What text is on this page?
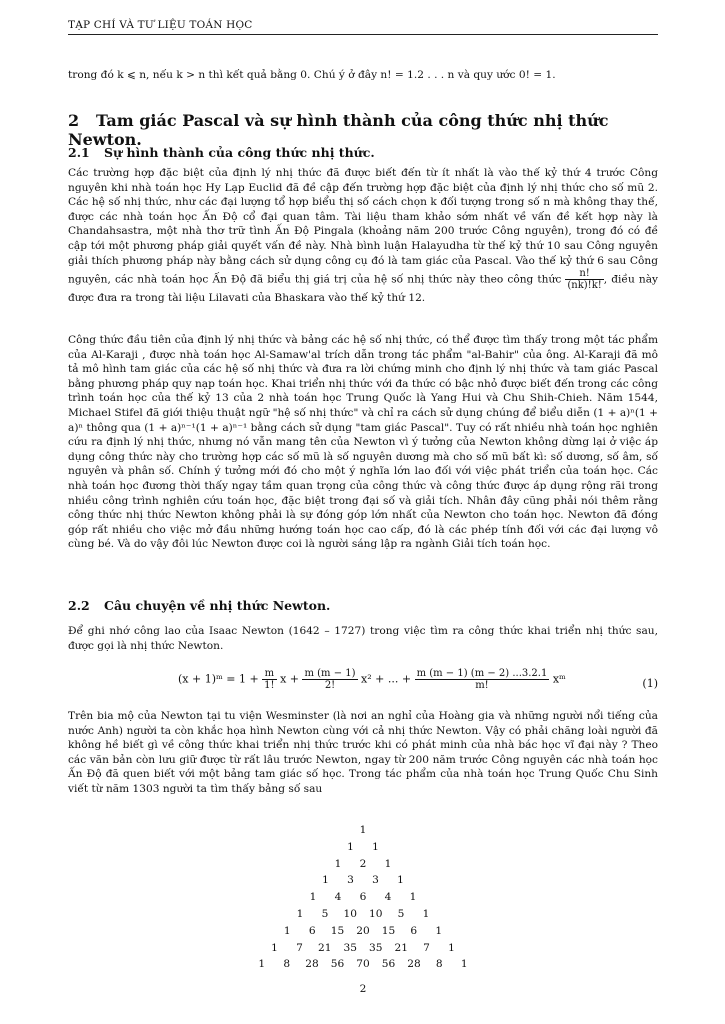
TẠP CHÍ VÀ TƯ LIỆU TOÁN HỌC
trong đó k ⩽ n, nếu k > n thì kết quả bằng 0. Chú ý ở đây n! = 1.2 . . . n và quy ước 0! = 1.
2 Tam giác Pascal và sự hình thành của công thức nhị thức Newton.
2.1 Sự hình thành của công thức nhị thức.
Các trường hợp đặc biệt của định lý nhị thức đã được biết đến từ ít nhất là vào thế kỷ thứ 4 trước Công nguyên khi nhà toán học Hy Lạp Euclid đã đề cập đến trường hợp đặc biệt của định lý nhị thức cho số mũ 2. Các hệ số nhị thức, như các đại lượng tổ hợp biểu thị số cách chọn k đối tượng trong số n mà không thay thế, được các nhà toán học Ấn Độ cổ đại quan tâm. Tài liệu tham khảo sớm nhất về vấn đề kết hợp này là Chandahsastra, một nhà thơ trữ tình Ấn Độ Pingala (khoảng năm 200 trước Công nguyên), trong đó có đề cập tới một phương pháp giải quyết vấn đề này. Nhà bình luận Halayudha từ thế kỷ thứ 10 sau Công nguyên giải thích phương pháp này bằng cách sử dụng công cụ đó là tam giác của Pascal. Vào thế kỷ thứ 6 sau Công nguyên, các nhà toán học Ấn Độ đã biểu thị giá trị của hệ số nhị thức này theo công thức $\frac{n!}{(nk)!k!}$ , điều này được đưa ra trong tài liệu Lilavati của Bhaskara vào thế kỷ thứ 12.
Công thức đầu tiên của định lý nhị thức và bảng các hệ số nhị thức, có thể được tìm thấy trong một tác phẩm của Al-Karaji , được nhà toán học Al-Samaw'al trích dẫn trong tác phẩm "al-Bahir" của ông. Al-Karaji đã mô tả mô hình tam giác của các hệ số nhị thức và đưa ra lời chứng minh cho định lý nhị thức và tam giác Pascal bằng phương pháp quy nạp toán học. Khai triển nhị thức với đa thức có bậc nhỏ được biết đến trong các công trình toán học của thế kỷ 13 của 2 nhà toán học Trung Quốc là Yang Hui và Chu Shih-Chieh. Năm 1544, Michael Stifel đã giới thiệu thuật ngữ "hệ số nhị thức" và chỉ ra cách sử dụng chúng để biểu diễn (1 + a)ⁿ(1 + a)ⁿ thông qua (1 + a)ⁿ⁻¹(1 + a)ⁿ⁻¹ bằng cách sử dụng "tam giác Pascal". Tuy có rất nhiều nhà toán học nghiên cứu ra định lý nhị thức, nhưng nó vẫn mang tên của Newton vì ý tưởng của Newton không dừng lại ở việc áp dụng công thức này cho trường hợp các số mũ là số nguyên dương mà cho số mũ bất kì: số dương, số âm, số nguyên và phân số. Chính ý tưởng mới đó cho một ý nghĩa lớn lao đối với việc phát triển của toán học. Các nhà toán học đương thời thấy ngay tầm quan trọng của công thức và công thức được áp dụng rộng rãi trong nhiều công trình nghiên cứu toán học, đặc biệt trong đại số và giải tích. Nhân đây cũng phải nói thêm rằng công thức nhị thức Newton không phải là sự đóng góp lớn nhất của Newton cho toán học. Newton đã đóng góp rất nhiều cho việc mở đầu những hướng toán học cao cấp, đó là các phép tính đối với các đại lượng vô cùng bé. Và do vậy đôi lúc Newton được coi là người sáng lập ra ngành Giải tích toán học.
2.2 Câu chuyện về nhị thức Newton.
Để ghi nhớ công lao của Isaac Newton (1642 – 1727) trong việc tìm ra công thức khai triển nhị thức sau, được gọi là nhị thức Newton.
(x + 1)ᵐ = $1 + \frac{m}{1!}$ $x + \frac{m (m - 1)}{2!} x^2$ + ... + $\frac{m (m - 1) (m - 2) ...3.2.1}{m!}$ xᵐ	(1)
Trên bia mộ của Newton tại tu viện Wesminster (là nơi an nghỉ của Hoàng gia và những người nổi tiếng của nước Anh) người ta còn khắc họa hình Newton cùng với cả nhị thức Newton. Vậy có phải chăng loài người đã không hề biết gì về công thức khai triển nhị thức trước khi có phát minh của nhà bác học vĩ đại này ? Theo các văn bản còn lưu giữ được từ rất lâu trước Newton, ngay từ 200 năm trước Công nguyên các nhà toán học Ấn Độ đã quen biết với một bảng tam giác số học. Trong tác phẩm của nhà toán học Trung Quốc Chu Sinh viết từ năm 1303 người ta tìm thấy bảng số sau
1
1 1
1 2 1
1 3 3 1
1 4 6 4 1
1 5 10 10 5 1
1 6 15 20 15 6 1
1 7 21 35 35 21 7 1
1 8 28 56 70 56 28 8 1
2
